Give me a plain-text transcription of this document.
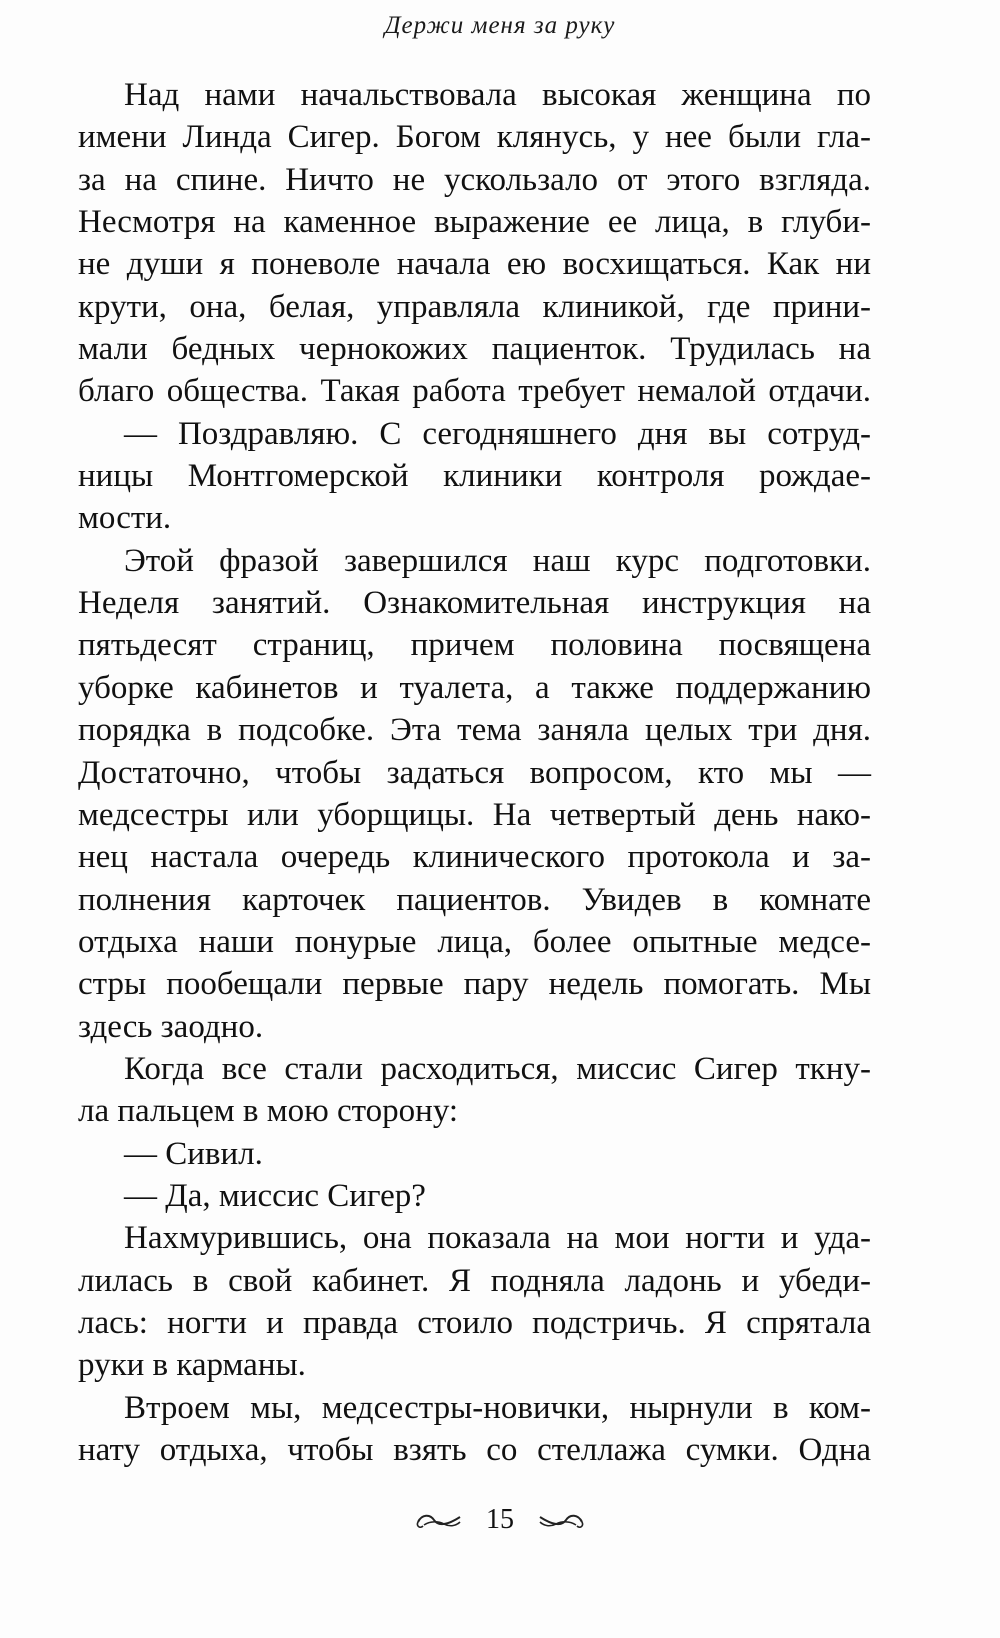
Держи меня за руку
Над нами начальствовала высокая женщина по
имени Линда Сигер. Богом клянусь, у нее были гла-
за на спине. Ничто не ускользало от этого взгляда.
Несмотря на каменное выражение ее лица, в глуби-
не души я поневоле начала ею восхищаться. Как ни
крути, она, белая, управляла клиникой, где прини-
мали бедных чернокожих пациенток. Трудилась на
благо общества. Такая работа требует немалой отдачи.
— Поздравляю. С сегодняшнего дня вы сотруд-
ницы Монтгомерской клиники контроля рождае-
мости.
Этой фразой завершился наш курс подготовки.
Неделя занятий. Ознакомительная инструкция на
пятьдесят страниц, причем половина посвящена
уборке кабинетов и туалета, а также поддержанию
порядка в подсобке. Эта тема заняла целых три дня.
Достаточно, чтобы задаться вопросом, кто мы —
медсестры или уборщицы. На четвертый день нако-
нец настала очередь клинического протокола и за-
полнения карточек пациентов. Увидев в комнате
отдыха наши понурые лица, более опытные медсе-
стры пообещали первые пару недель помогать. Мы
здесь заодно.
Когда все стали расходиться, миссис Сигер ткну-
ла пальцем в мою сторону:
— Сивил.
— Да, миссис Сигер?
Нахмурившись, она показала на мои ногти и уда-
лилась в свой кабинет. Я подняла ладонь и убеди-
лась: ногти и правда стоило подстричь. Я спрятала
руки в карманы.
Втроем мы, медсестры-новички, нырнули в ком-
нату отдыха, чтобы взять со стеллажа сумки. Одна
15
